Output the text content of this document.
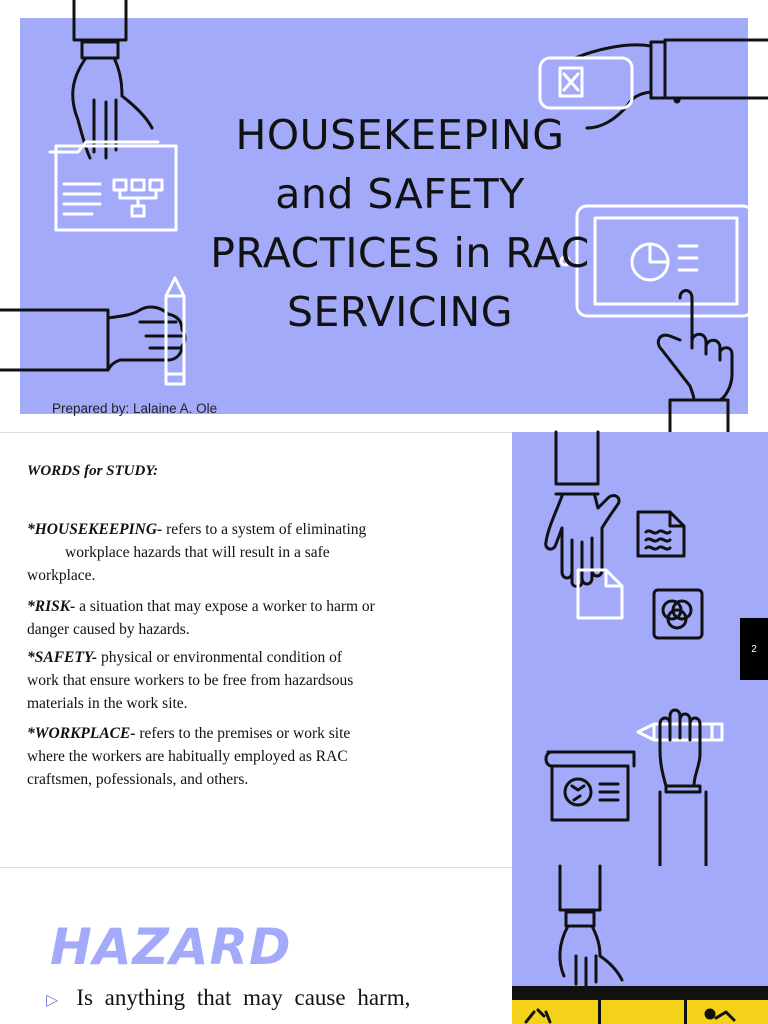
HOUSEKEEPING
and SAFETY
PRACTICES in RAC
SERVICING
Prepared by: Lalaine A. Ole
2
WORDS for STUDY:
*HOUSEKEEPING- refers to a system of eliminating
workplace hazards that will result in a safe
workplace.
*RISK- a situation that may expose a worker to harm or
danger caused by hazards.
*SAFETY- physical or environmental condition of
work that ensure workers to be free from hazardsous
materials in the work site.
*WORKPLACE- refers to the premises or work site
where the workers are habitually employed as RAC
craftsmen, pofessionals, and others.
HAZARD
▷ Is anything that may cause harm,
